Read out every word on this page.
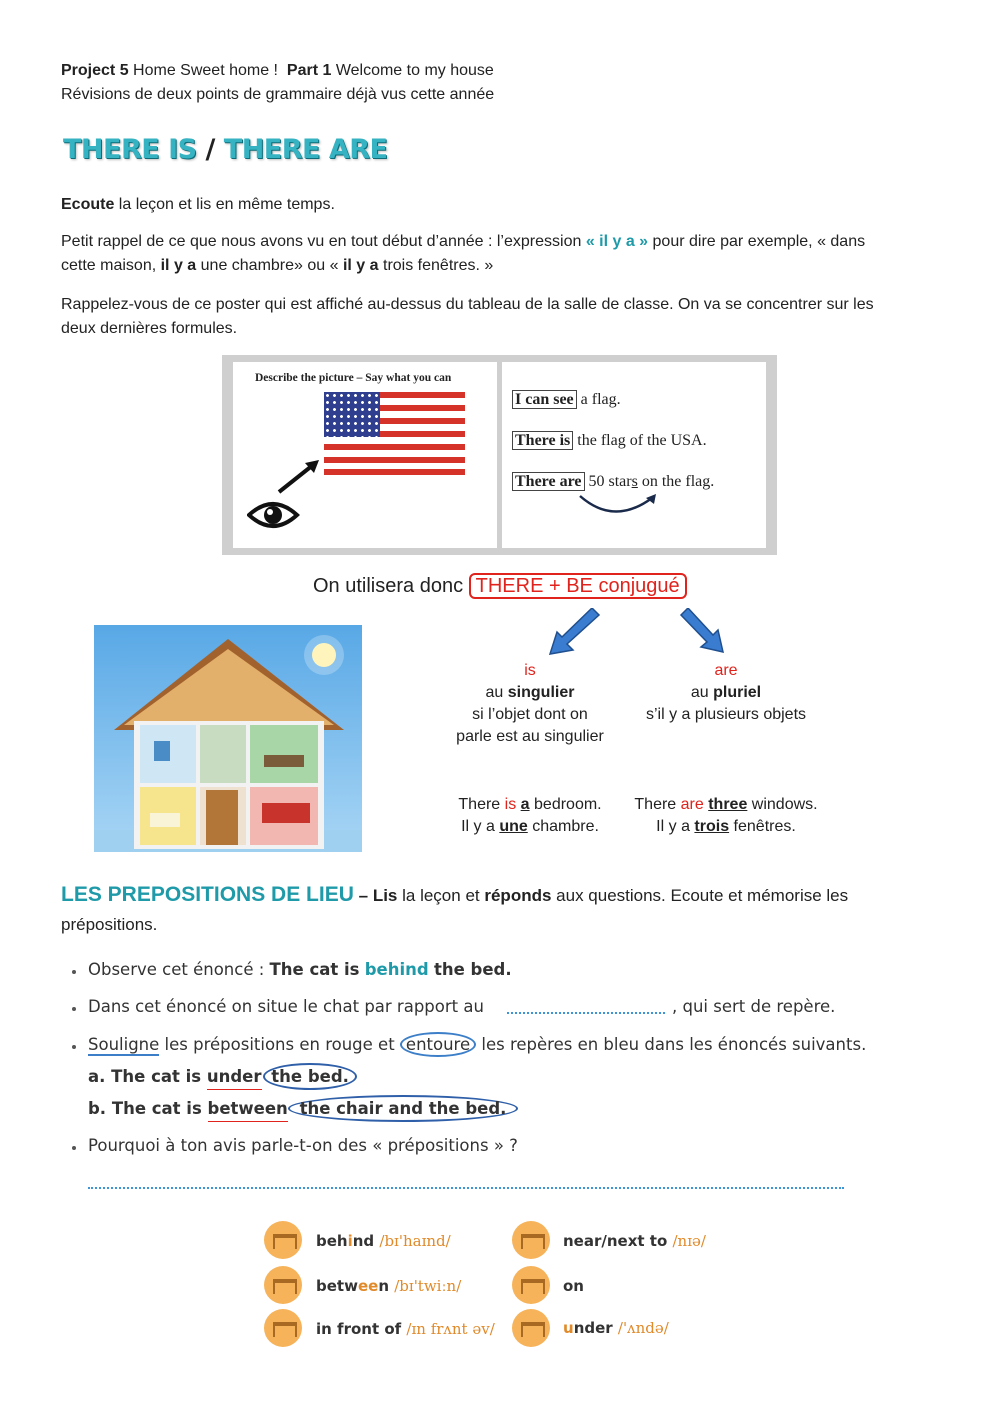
Project 5 Home Sweet home ! Part 1 Welcome to my house
Révisions de deux points de grammaire déjà vus cette année
THERE IS / THERE ARE
Ecoute la leçon et lis en même temps.
Petit rappel de ce que nous avons vu en tout début d’année : l’expression « il y a » pour dire par exemple, « dans
cette maison, il y a une chambre» ou « il y a trois fenêtres. »
Rappelez-vous de ce poster qui est affiché au-dessus du tableau de la salle de classe. On va se concentrer sur les
deux dernières formules.
Describe the picture – Say what you can
I can see a flag.
There is the flag of the USA.
There are 50 stars on the flag.
On utilisera donc THERE + BE conjugué
is
au singulier
si l’objet dont on
parle est au singulier
There is a bedroom.
Il y a une chambre.
are
au pluriel
s’il y a plusieurs objets
There are three windows.
Il y a trois fenêtres.
LES PREPOSITIONS DE LIEU – Lis la leçon et réponds aux questions. Ecoute et mémorise les
prépositions.
Observe cet énoncé : The cat is behind the bed.
Dans cet énoncé on situe le chat par rapport au	, qui sert de repère.
Souligne les prépositions en rouge et entoure les repères en bleu dans les énoncés suivants.
a. The cat is under the bed.
b. The cat is between the chair and the bed.
Pourquoi à ton avis parle-t-on des « prépositions » ?
behind /bɪ'haɪnd/
between /bɪ'twiːn/
in front of /ɪn frʌnt əv/
near/next to /nɪə/
on
under /'ʌndə/
